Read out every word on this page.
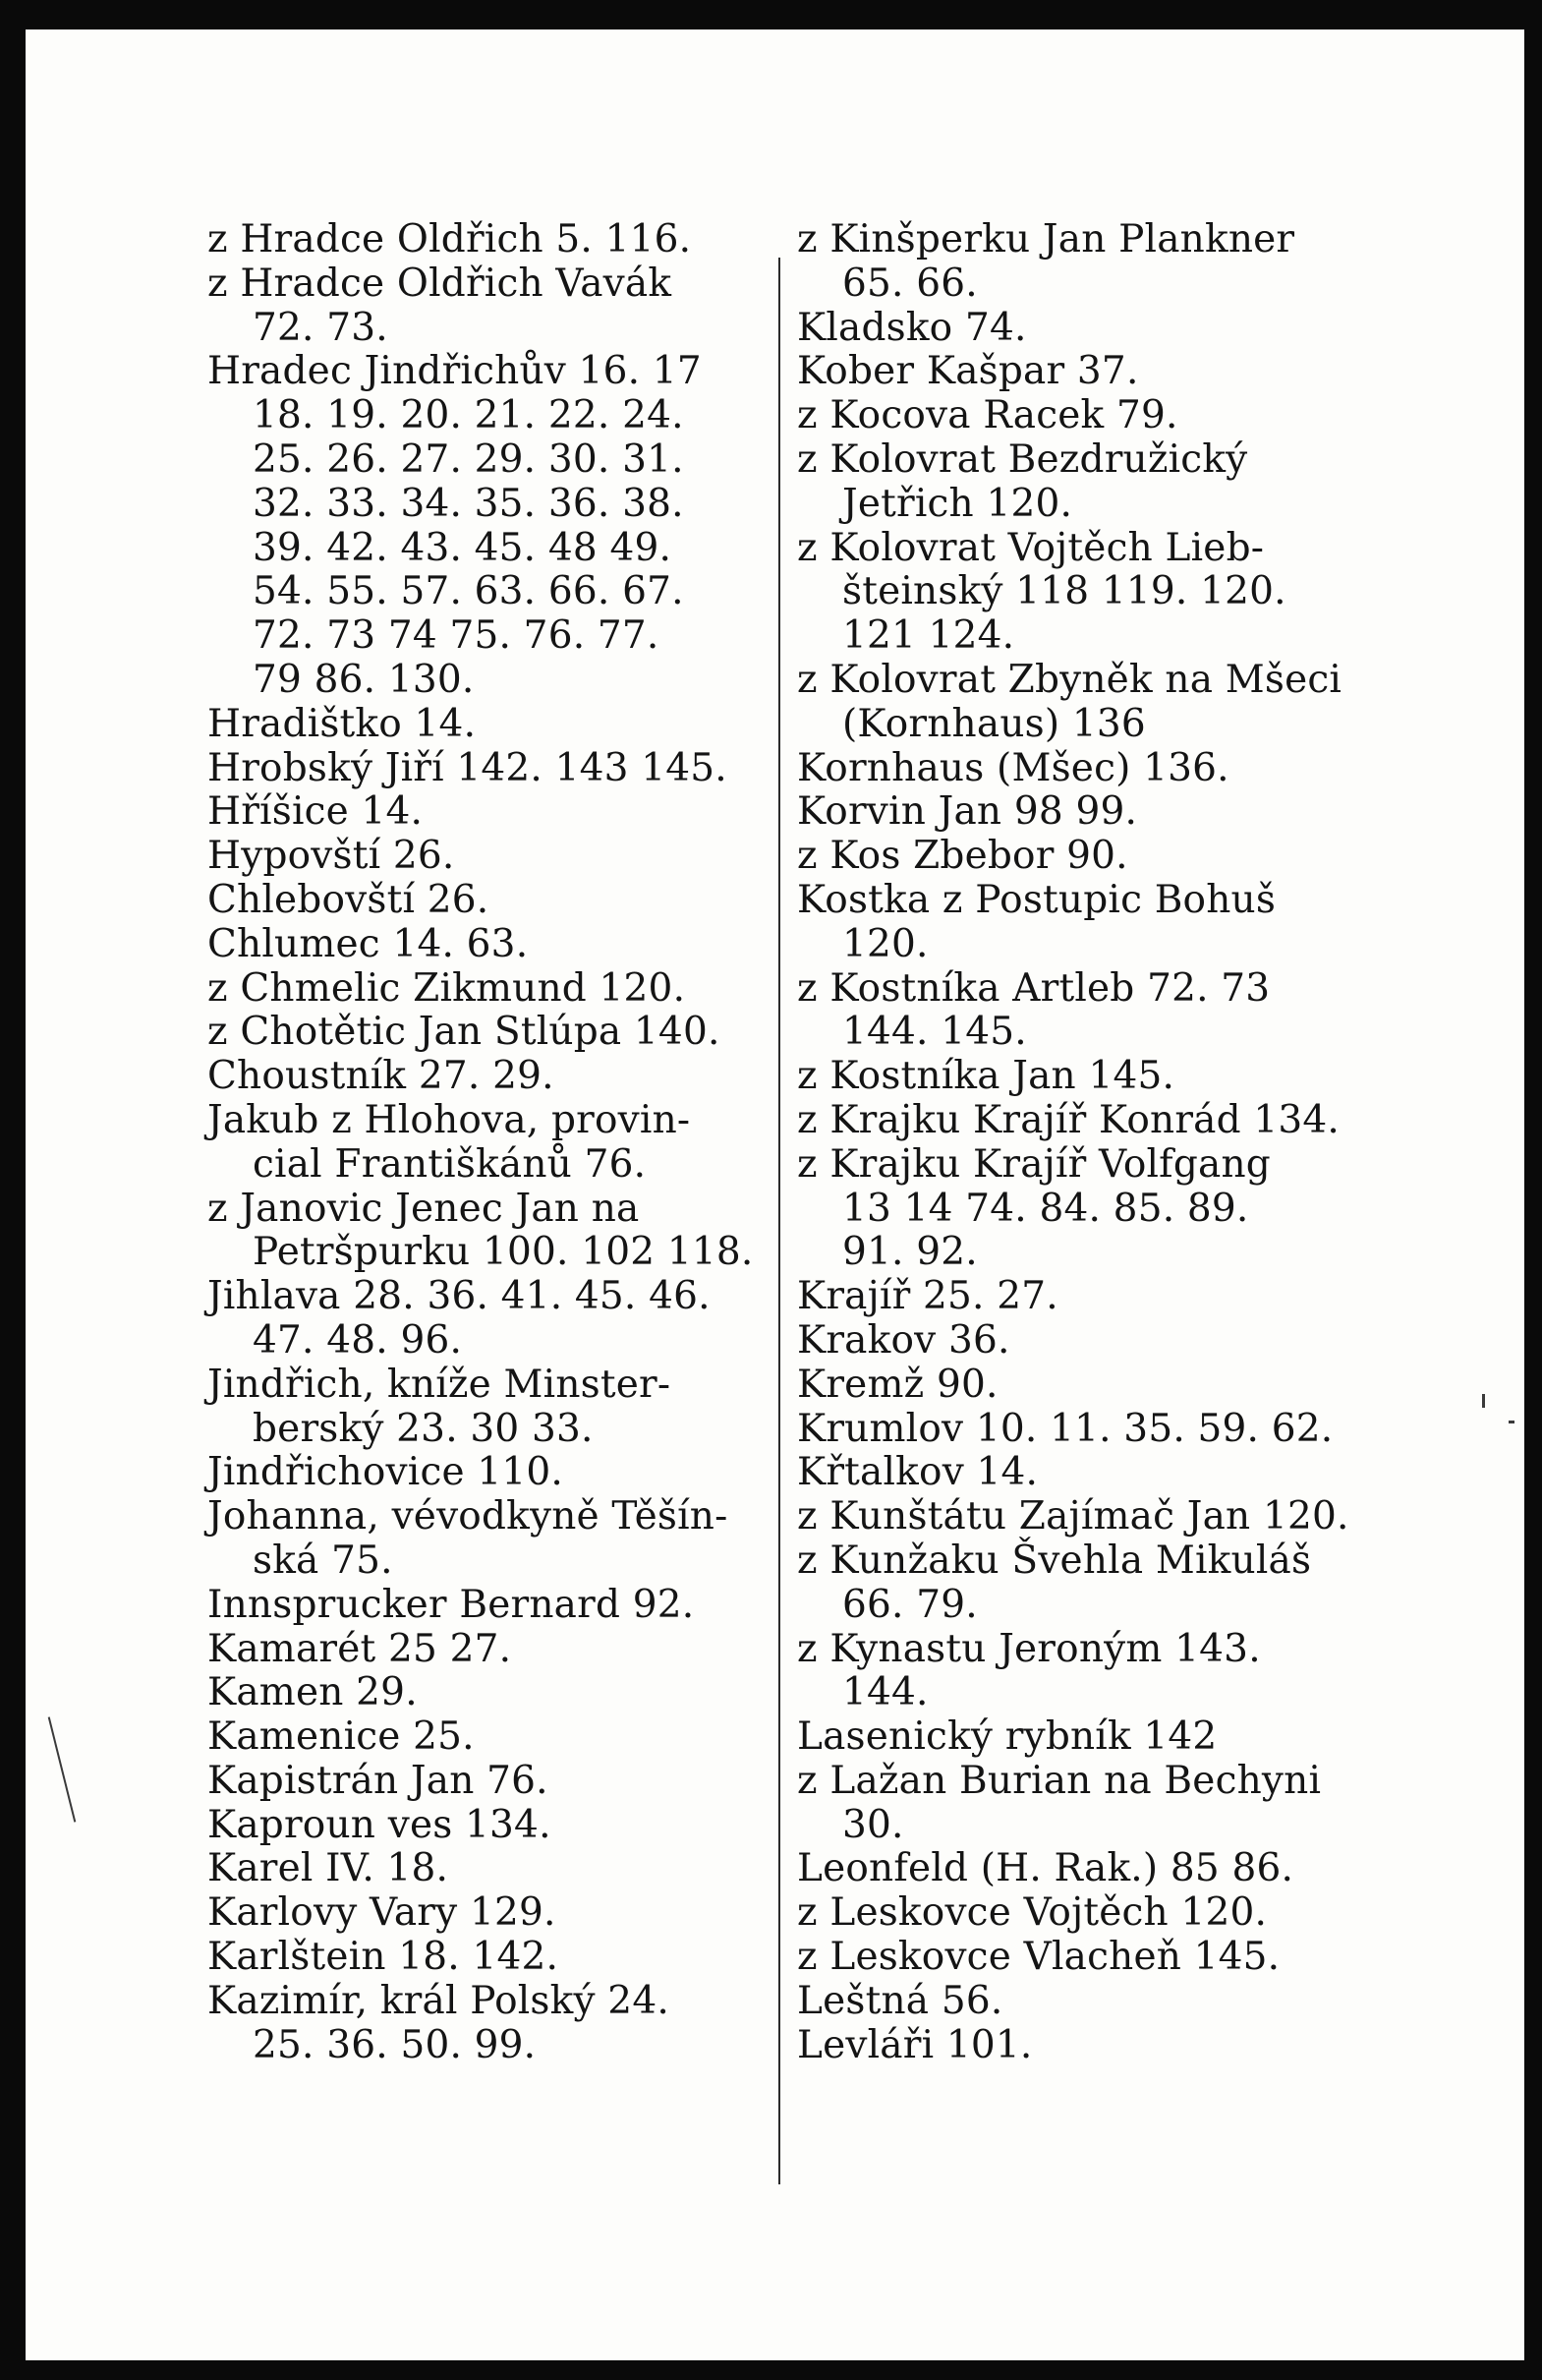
z Hradce Oldřich 5. 116.
z Hradce Oldřich Vavák
72. 73.
Hradec Jindřichův 16. 17
18. 19. 20. 21. 22. 24.
25. 26. 27. 29. 30. 31.
32. 33. 34. 35. 36. 38.
39. 42. 43. 45. 48 49.
54. 55. 57. 63. 66. 67.
72. 73 74 75. 76. 77.
79 86. 130.
Hradištko 14.
Hrobský Jiří 142. 143 145.
Hříšice 14.
Hypovští 26.
Chlebovští 26.
Chlumec 14. 63.
z Chmelic Zikmund 120.
z Chotětic Jan Stlúpa 140.
Choustník 27. 29.
Jakub z Hlohova, provin-
cial Františkánů 76.
z Janovic Jenec Jan na
Petršpurku 100. 102 118.
Jihlava 28. 36. 41. 45. 46.
47. 48. 96.
Jindřich, kníže Minster-
berský 23. 30 33.
Jindřichovice 110.
Johanna, vévodkyně Těšín-
ská 75.
Innsprucker Bernard 92.
Kamarét 25 27.
Kamen 29.
Kamenice 25.
Kapistrán Jan 76.
Kaproun ves 134.
Karel IV. 18.
Karlovy Vary 129.
Karlštein 18. 142.
Kazimír, král Polský 24.
25. 36. 50. 99.
z Kinšperku Jan Plankner
65. 66.
Kladsko 74.
Kober Kašpar 37.
z Kocova Racek 79.
z Kolovrat Bezdružický
Jetřich 120.
z Kolovrat Vojtěch Lieb-
šteinský 118 119. 120.
121 124.
z Kolovrat Zbyněk na Mšeci
(Kornhaus) 136
Kornhaus (Mšec) 136.
Korvin Jan 98 99.
z Kos Zbebor 90.
Kostka z Postupic Bohuš
120.
z Kostníka Artleb 72. 73
144. 145.
z Kostníka Jan 145.
z Krajku Krajíř Konrád 134.
z Krajku Krajíř Volfgang
13 14 74. 84. 85. 89.
91. 92.
Krajíř 25. 27.
Krakov 36.
Kremž 90.
Krumlov 10. 11. 35. 59. 62.
Křtalkov 14.
z Kunštátu Zajímač Jan 120.
z Kunžaku Švehla Mikuláš
66. 79.
z Kynastu Jeroným 143.
144.
Lasenický rybník 142
z Lažan Burian na Bechyni
30.
Leonfeld (H. Rak.) 85 86.
z Leskovce Vojtěch 120.
z Leskovce Vlacheň 145.
Leštná 56.
Levláři 101.
